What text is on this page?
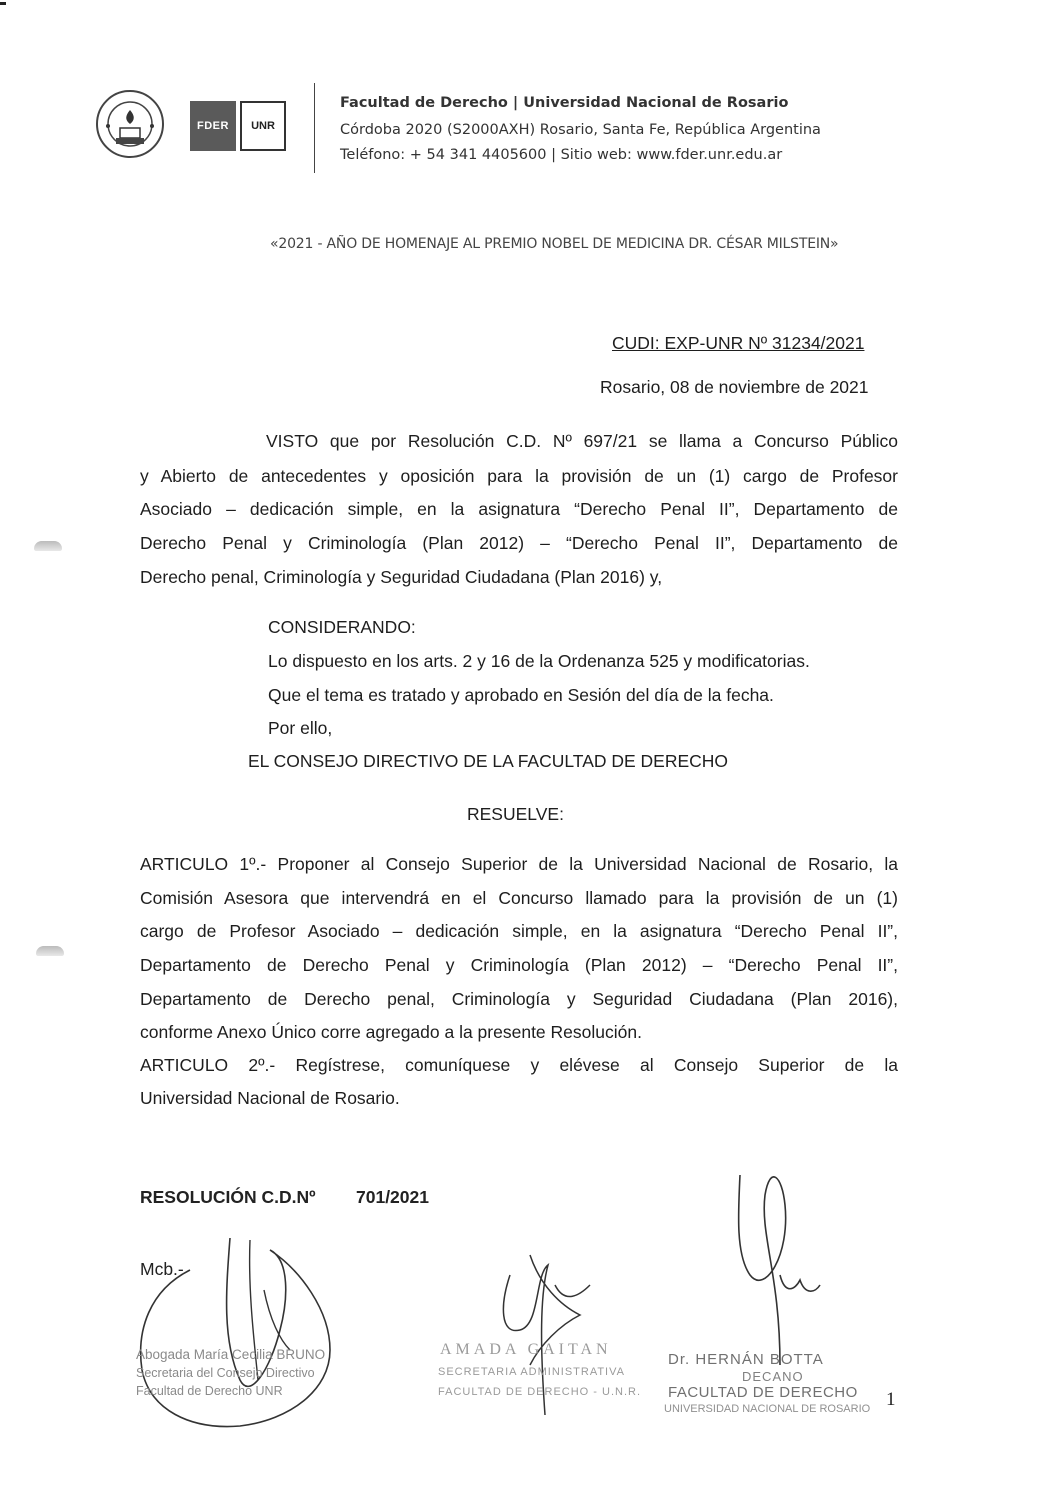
FDER	UNR
Facultad de Derecho | Universidad Nacional de Rosario
Córdoba 2020 (S2000AXH) Rosario, Santa Fe, República Argentina
Teléfono: + 54 341 4405600 | Sitio web: www.fder.unr.edu.ar
«2021 - AÑO DE HOMENAJE AL PREMIO NOBEL DE MEDICINA DR. CÉSAR MILSTEIN»
CUDI: EXP-UNR Nº 31234/2021
Rosario, 08 de noviembre de 2021
VISTO que por Resolución C.D. Nº 697/21 se llama a Concurso Público
y Abierto de antecedentes y oposición para la provisión de un (1) cargo de Profesor
Asociado – dedicación simple, en la asignatura “Derecho Penal II”, Departamento de
Derecho Penal y Criminología (Plan 2012) – “Derecho Penal II”, Departamento de
Derecho penal, Criminología y Seguridad Ciudadana (Plan 2016) y,
CONSIDERANDO:
Lo dispuesto en los arts. 2 y 16 de la Ordenanza 525 y modificatorias.
Que el tema es tratado y aprobado en Sesión del día de la fecha.
Por ello,
EL CONSEJO DIRECTIVO DE LA FACULTAD DE DERECHO
RESUELVE:
ARTICULO 1º.- Proponer al Consejo Superior de la Universidad Nacional de Rosario, la
Comisión Asesora que intervendrá en el Concurso llamado para la provisión de un (1)
cargo de Profesor Asociado – dedicación simple, en la asignatura “Derecho Penal II”,
Departamento de Derecho Penal y Criminología (Plan 2012) – “Derecho Penal II”,
Departamento de Derecho penal, Criminología y Seguridad Ciudadana (Plan 2016),
conforme Anexo Único corre agregado a la presente Resolución.
ARTICULO 2º.- Regístrese, comuníquese y elévese al Consejo Superior de la
Universidad Nacional de Rosario.
RESOLUCIÓN C.D.Nº 701/2021
Mcb.-
Abogada María Cecilia BRUNO
Secretaria del Consejo Directivo
Facultad de Derecho UNR
AMADA GAITAN
SECRETARIA ADMINISTRATIVA
FACULTAD DE DERECHO - U.N.R.
Dr. HERNÁN BOTTA
DECANO
FACULTAD DE DERECHO
UNIVERSIDAD NACIONAL DE ROSARIO 1
